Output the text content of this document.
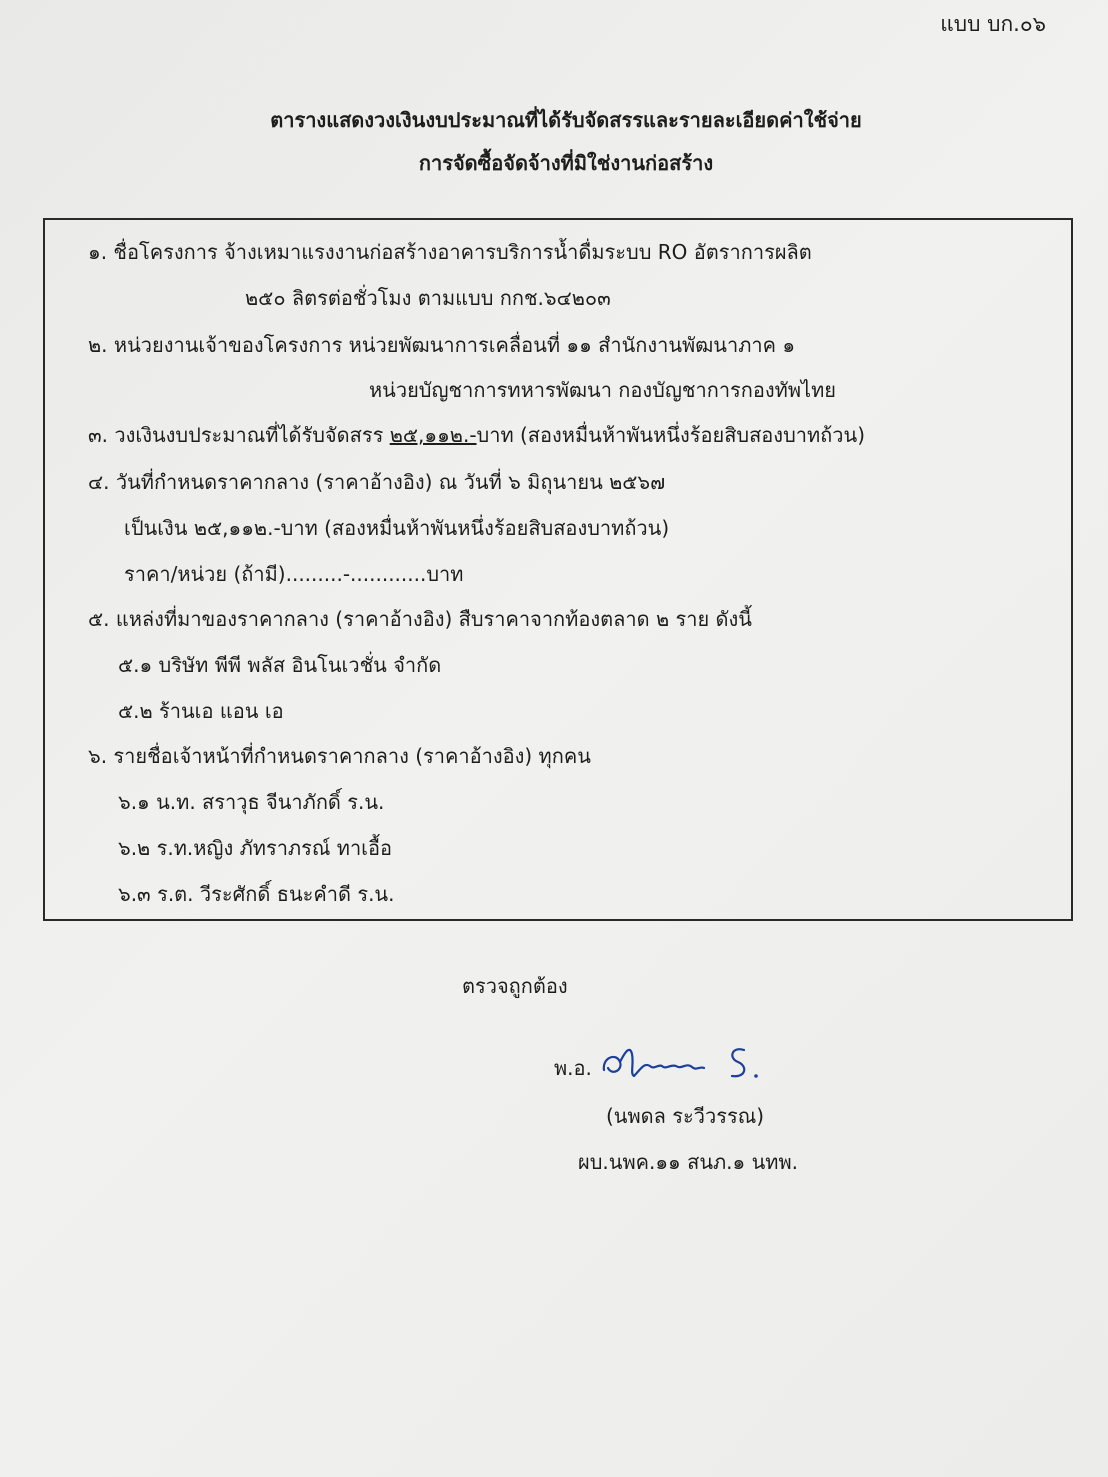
แบบ บก.๐๖
ตารางแสดงวงเงินงบประมาณที่ได้รับจัดสรรและรายละเอียดค่าใช้จ่าย
การจัดซื้อจัดจ้างที่มิใช่งานก่อสร้าง
๑. ชื่อโครงการ จ้างเหมาแรงงานก่อสร้างอาคารบริการน้ำดื่มระบบ RO อัตราการผลิต
๒๕๐ ลิตรต่อชั่วโมง ตามแบบ กกช.๖๔๒๐๓
๒. หน่วยงานเจ้าของโครงการ หน่วยพัฒนาการเคลื่อนที่ ๑๑ สำนักงานพัฒนาภาค ๑
หน่วยบัญชาการทหารพัฒนา กองบัญชาการกองทัพไทย
๓. วงเงินงบประมาณที่ได้รับจัดสรร ๒๕,๑๑๒.-บาท (สองหมื่นห้าพันหนึ่งร้อยสิบสองบาทถ้วน)
๔. วันที่กำหนดราคากลาง (ราคาอ้างอิง) ณ วันที่ ๖ มิถุนายน ๒๕๖๗
เป็นเงิน ๒๕,๑๑๒.-บาท (สองหมื่นห้าพันหนึ่งร้อยสิบสองบาทถ้วน)
ราคา/หน่วย (ถ้ามี).........-............บาท
๕. แหล่งที่มาของราคากลาง (ราคาอ้างอิง) สืบราคาจากท้องตลาด ๒ ราย ดังนี้
๕.๑ บริษัท พีพี พลัส อินโนเวชั่น จำกัด
๕.๒ ร้านเอ แอน เอ
๖. รายชื่อเจ้าหน้าที่กำหนดราคากลาง (ราคาอ้างอิง) ทุกคน
๖.๑ น.ท. สราวุธ จีนาภักดิ์ ร.น.
๖.๒ ร.ท.หญิง ภัทราภรณ์ ทาเอื้อ
๖.๓ ร.ต. วีระศักดิ์ ธนะคำดี ร.น.
ตรวจถูกต้อง
พ.อ.
(นพดล ระวีวรรณ)
ผบ.นพค.๑๑ สนภ.๑ นทพ.
